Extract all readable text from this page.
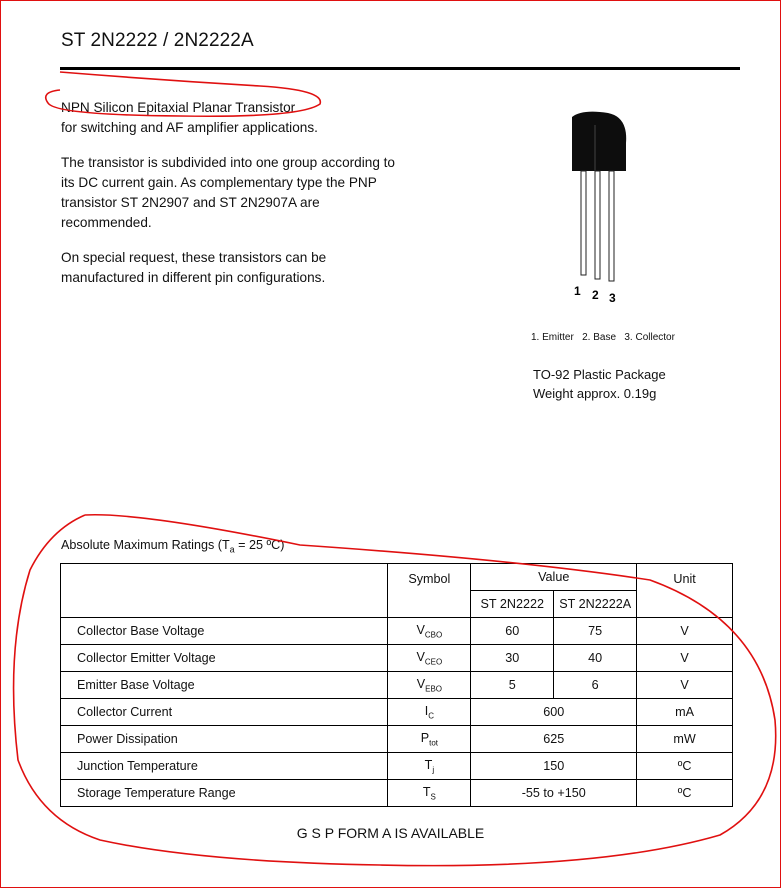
ST 2N2222 / 2N2222A

NPN Silicon Epitaxial Planar Transistor
for switching and AF amplifier applications.

The transistor is subdivided into one group according to its DC current gain. As complementary type the PNP transistor ST 2N2907 and ST 2N2907A are recommended.

On special request, these transistors can be manufactured in different pin configurations.

1 2 3
1. Emitter   2. Base   3. Collector
TO-92 Plastic Package
Weight approx. 0.19g
Absolute Maximum Ratings ($T_a = 25$ ºC)
	Symbol	Value		Unit
		ST 2N2222	ST 2N2222A	
Collector Base Voltage	$V_{CBO}$	60	75	V
Collector Emitter Voltage	$V_{CEO}$	30	40	V
Emitter Base Voltage	$V_{EBO}$	5	6	V
Collector Current	$I_C$	600		mA
Power Dissipation	$P_{tot}$	625		mW
Junction Temperature	$T_j$	150		ºC
Storage Temperature Range	$T_S$	-55 to +150		ºC
G S P FORM A IS AVAILABLE
